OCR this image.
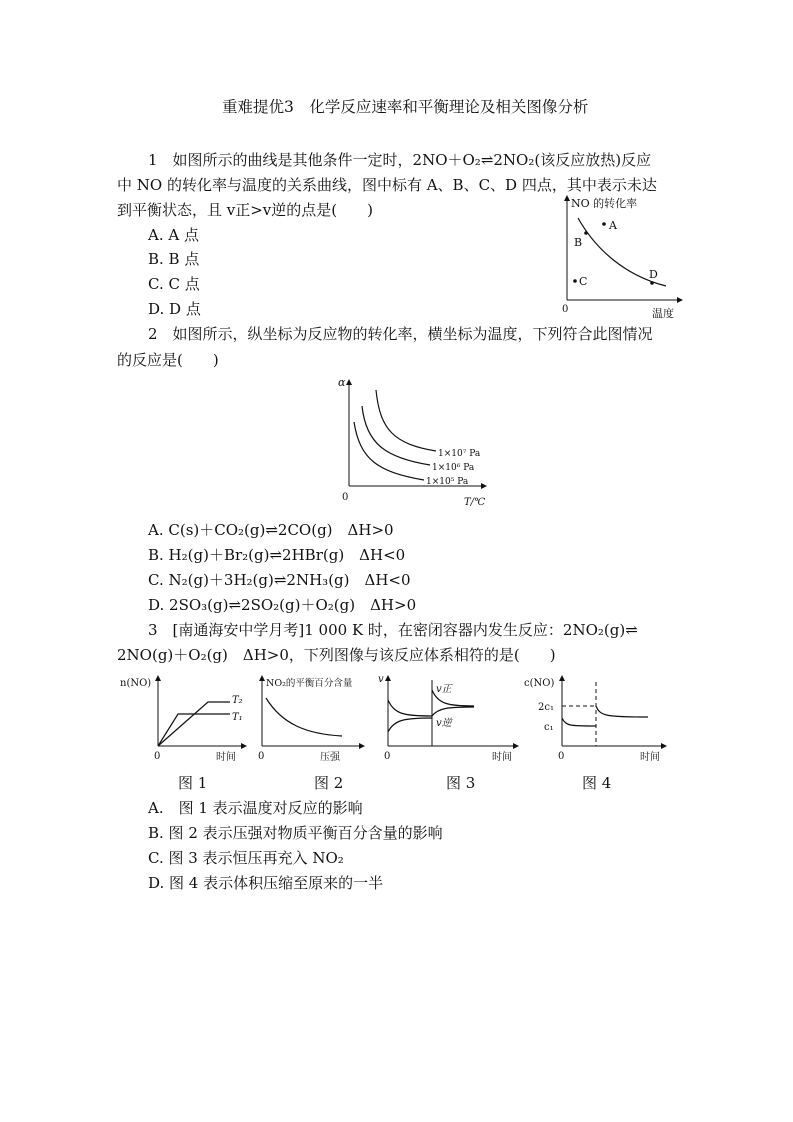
重难提优3　化学反应速率和平衡理论及相关图像分析
1　如图所示的曲线是其他条件一定时，2NO＋O₂⇌2NO₂(该反应放热)反应
中 NO 的转化率与温度的关系曲线，图中标有 A、B、C、D 四点，其中表示未达
到平衡状态，且 v正>v逆的点是(　　)
A. A 点
B. B 点
C. C 点
D. D 点
NO 的转化率
0	温度
A
B
C
D
2　如图所示，纵坐标为反应物的转化率，横坐标为温度，下列符合此图情况
的反应是(　　)
α
0	T/℃
1×10⁷ Pa
1×10⁶ Pa
1×10⁵ Pa
A. C(s)＋CO₂(g)⇌2CO(g)　ΔH>0
B. H₂(g)＋Br₂(g)⇌2HBr(g)　ΔH<0
C. N₂(g)＋3H₂(g)⇌2NH₃(g)　ΔH<0
D. 2SO₃(g)⇌2SO₂(g)＋O₂(g)　ΔH>0
3　[南通海安中学月考]1 000 K 时，在密闭容器内发生反应：2NO₂(g)⇌
2NO(g)＋O₂(g)　ΔH>0，下列图像与该反应体系相符的是(　　)
n(NO)
0	时间
T₂
T₁
图 1
NO₂的平衡百分含量
0	压强
图 2
v
0	时间
v正
v逆
图 3
c(NO)
0	时间
2c₁
c₁
图 4
A.　图 1 表示温度对反应的影响
B. 图 2 表示压强对物质平衡百分含量的影响
C. 图 3 表示恒压再充入 NO₂
D. 图 4 表示体积压缩至原来的一半
